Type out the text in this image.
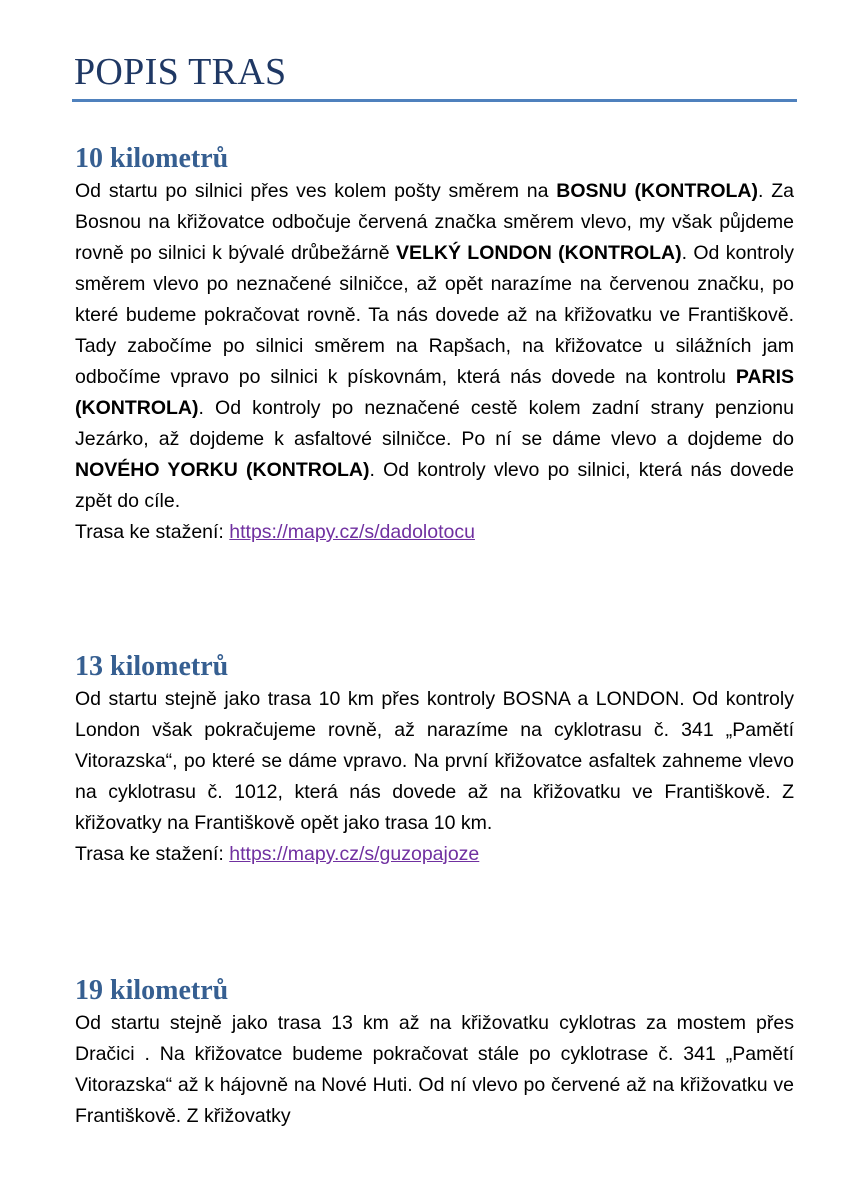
POPIS TRAS
10 kilometrů

Od startu po silnici přes ves kolem pošty směrem na BOSNU (KONTROLA). Za Bosnou na křižovatce odbočuje červená značka směrem vlevo, my však půjdeme rovně po silnici k bývalé drůbežárně VELKÝ LONDON (KONTROLA). Od kontroly směrem vlevo po neznačené silničce, až opět narazíme na červenou značku, po které budeme pokračovat rovně. Ta nás dovede až na křižovatku ve Františkově. Tady zabočíme po silnici směrem na Rapšach, na křižovatce u silážních jam odbočíme vpravo po silnici k pískovnám, která nás dovede na kontrolu PARIS (KONTROLA). Od kontroly po neznačené cestě kolem zadní strany penzionu Jezárko, až dojdeme k asfaltové silničce. Po ní se dáme vlevo a dojdeme do NOVÉHO YORKU (KONTROLA). Od kontroly vlevo po silnici, která nás dovede zpět do cíle.

Trasa ke stažení: https://mapy.cz/s/dadolotocu

13 kilometrů

Od startu stejně jako trasa 10 km přes kontroly BOSNA a LONDON. Od kontroly London však pokračujeme rovně, až narazíme na cyklotrasu č. 341 „Pamětí Vitorazska“, po které se dáme vpravo. Na první křižovatce asfaltek zahneme vlevo na cyklotrasu č. 1012, která nás dovede až na křižovatku ve Františkově. Z křižovatky na Františkově opět jako trasa 10 km.

Trasa ke stažení: https://mapy.cz/s/guzopajoze

19 kilometrů

Od startu stejně jako trasa 13 km až na křižovatku cyklotras za mostem přes Dračici . Na křižovatce budeme pokračovat stále po cyklotrase č. 341 „Pamětí Vitorazska“ až k hájovně na Nové Huti. Od ní vlevo po červené až na křižovatku ve Františkově. Z křižovatky
